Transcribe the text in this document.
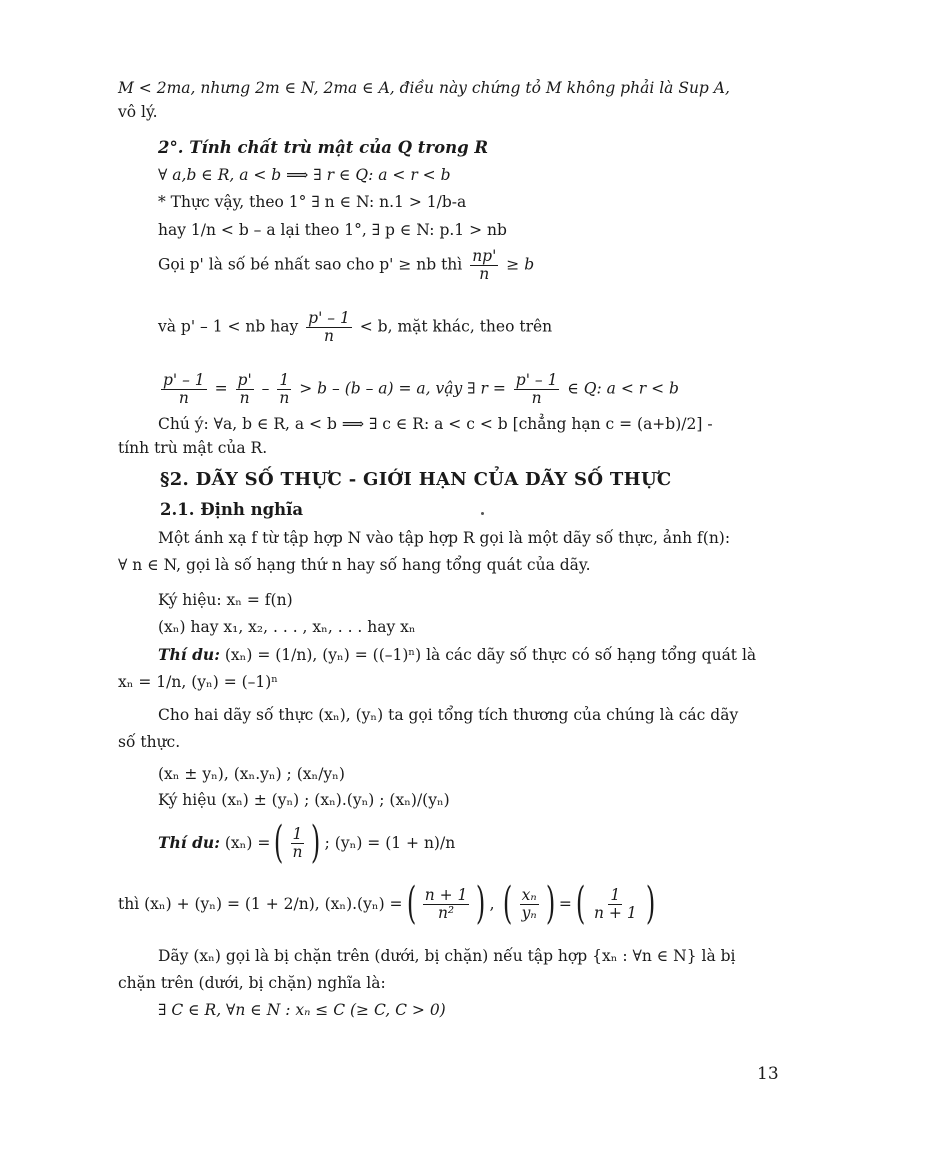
M < 2ma, nhưng 2m ∈ N, 2ma ∈ A, điều này chứng tỏ M không phải là Sup A,
vô lý.
2°. Tính chất trù mật của Q trong R
∀ a,b ∈ R, a < b ⟹ ∃ r ∈ Q: a < r < b
* Thực vậy, theo 1° ∃ n ∈ N: n.1 > 1/b-a
hay 1/n < b – a lại theo 1°, ∃ p ∈ N: p.1 > nb
Gọi p' là số bé nhất sao cho p' ≥ nb thì $\frac{np'}{n} \ge b$
và p' – 1 < nb hay $\frac{p' - 1}{n} < b$, mặt khác, theo trên
$\frac{p' - 1}{n} = \frac{p'}{n} - \frac{1}{n} > b - (b - a) = a$, vậy ∃ $r = \frac{p' - 1}{n}$ ∈ Q: a < r < b
Chú ý: ∀a, b ∈ R, a < b ⟹ ∃ c ∈ R: a < c < b [chẳng hạn c = (a+b)/2] -
tính trù mật của R.
§2. DÃY SỐ THỰC - GIỚI HẠN CỦA DÃY SỐ THỰC
2.1. Định nghĩa
Một ánh xạ f từ tập hợp N vào tập hợp R gọi là một dãy số thực, ảnh f(n):
∀ n ∈ N, gọi là số hạng thứ n hay số hang tổng quát của dãy.
Ký hiệu: xₙ = f(n)
(xₙ) hay x₁, x₂, . . . , xₙ, . . . hay xₙ
Thí du: (xₙ) = (1/n), (yₙ) = ((–1)ⁿ) là các dãy số thực có số hạng tổng quát là
xₙ = 1/n, (yₙ) = (–1)ⁿ
Cho hai dãy số thực (xₙ), (yₙ) ta gọi tổng tích thương của chúng là các dãy
số thực.
(xₙ ± yₙ), (xₙ.yₙ) ; (xₙ/yₙ)
Ký hiệu (xₙ) ± (yₙ) ; (xₙ).(yₙ) ; (xₙ)/(yₙ)
Thí du:
(xₙ) = ( $\frac{1}{n}$ ) ; (yₙ) = (1 + n)/n
thì (xₙ) + (yₙ) = (1 + 2/n), (xₙ).(yₙ) = ( $\frac{n + 1}{\text{n²}}$ ) ,
( $\frac{\text{xₙ}}{\text{yₙ}}$ ) = ( $\frac{1}{n + 1}$ )
Dãy (xₙ) gọi là bị chặn trên (dưới, bị chặn) nếu tập hợp {xₙ : ∀n ∈ N} là bị
chặn trên (dưới, bị chặn) nghĩa là:
∃ C ∈ R, ∀n ∈ N : xₙ ≤ C (≥ C, C > 0)
13
